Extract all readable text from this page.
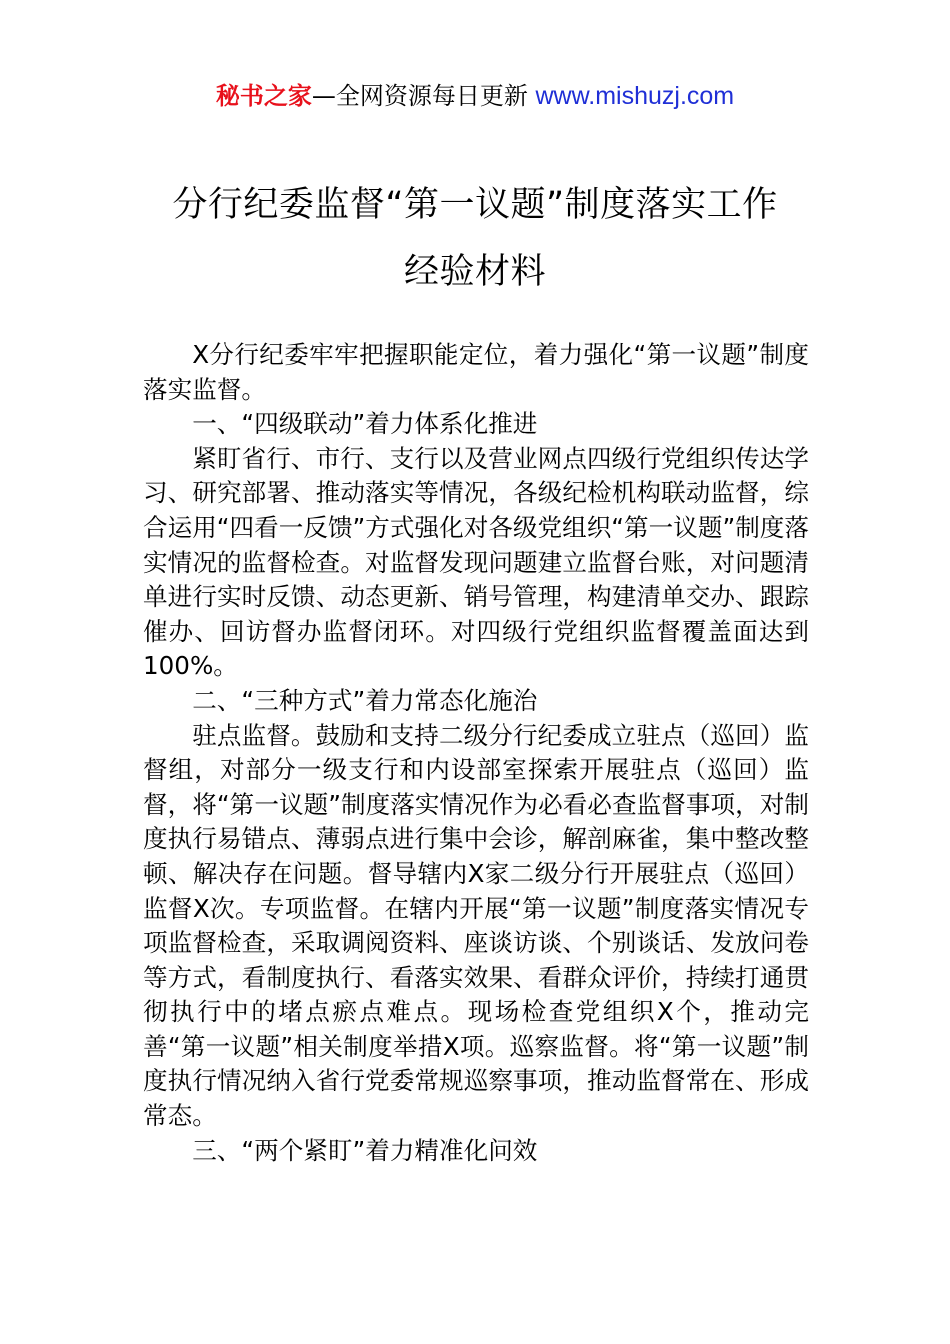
秘书之家—全网资源每日更新 www.mishuzj.com
分行纪委监督“第一议题”制度落实工作
经验材料

X分行纪委牢牢把握职能定位，着力强化“第一议题”制度落实监督。

一、“四级联动”着力体系化推进

紧盯省行、市行、支行以及营业网点四级行党组织传达学习、研究部署、推动落实等情况，各级纪检机构联动监督，综合运用“四看一反馈”方式强化对各级党组织“第一议题”制度落实情况的监督检查。对监督发现问题建立监督台账，对问题清单进行实时反馈、动态更新、销号管理，构建清单交办、跟踪催办、回访督办监督闭环。对四级行党组织监督覆盖面达到100%。

二、“三种方式”着力常态化施治

驻点监督。鼓励和支持二级分行纪委成立驻点（巡回）监督组，对部分一级支行和内设部室探索开展驻点（巡回）监督，将“第一议题”制度落实情况作为必看必查监督事项，对制度执行易错点、薄弱点进行集中会诊，解剖麻雀，集中整改整顿、解决存在问题。督导辖内X家二级分行开展驻点（巡回）监督X次。专项监督。在辖内开展“第一议题”制度落实情况专项监督检查，采取调阅资料、座谈访谈、个别谈话、发放问卷等方式，看制度执行、看落实效果、看群众评价，持续打通贯彻执行中的堵点瘀点难点。现场检查党组织X个，推动完善“第一议题”相关制度举措X项。巡察监督。将“第一议题”制度执行情况纳入省行党委常规巡察事项，推动监督常在、形成常态。

三、“两个紧盯”着力精准化问效
